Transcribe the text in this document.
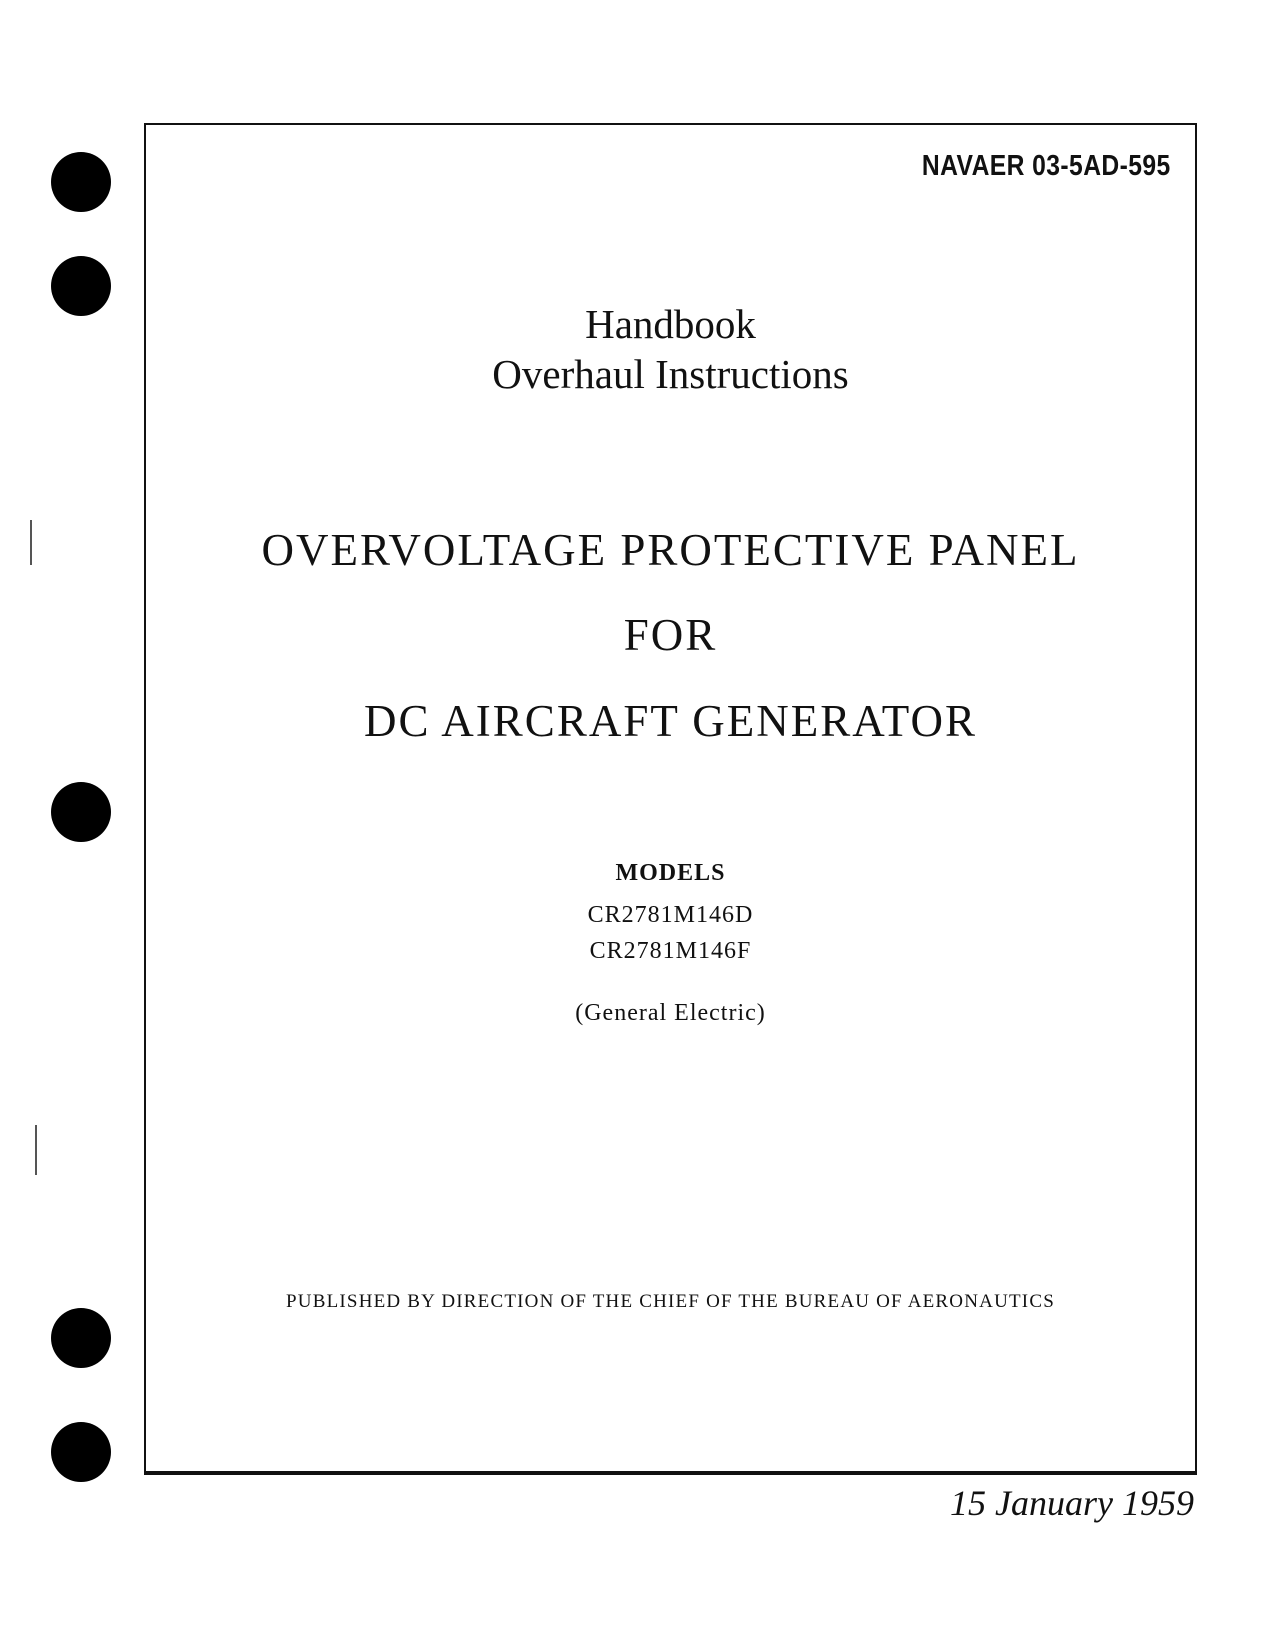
NAVAER 03-5AD-595
Handbook
Overhaul Instructions
OVERVOLTAGE PROTECTIVE PANEL
FOR
DC AIRCRAFT GENERATOR
MODELS
CR2781M146D
CR2781M146F
(General Electric)
PUBLISHED BY DIRECTION OF THE CHIEF OF THE BUREAU OF AERONAUTICS
15 January 1959
